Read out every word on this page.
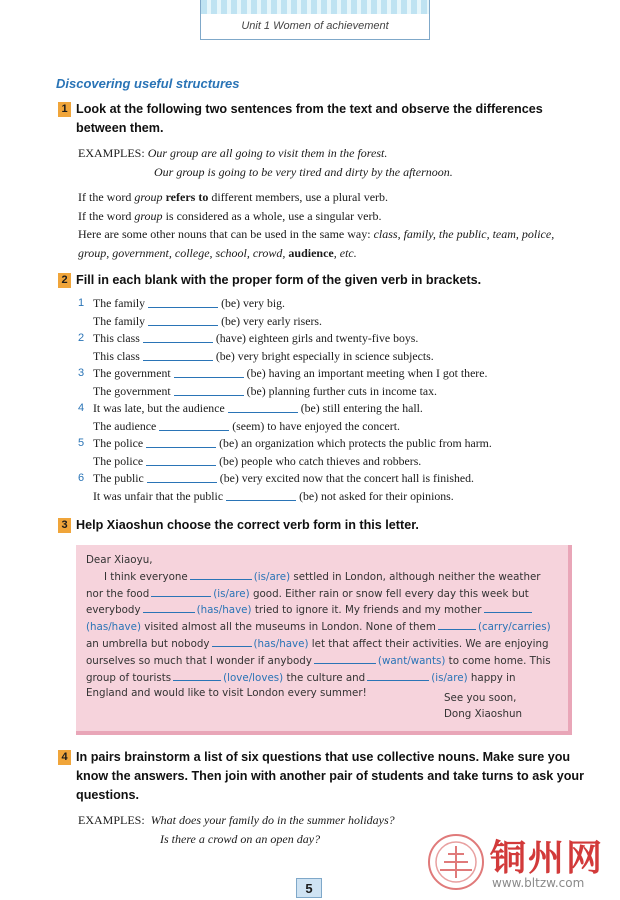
Unit 1 Women of achievement
Discovering useful structures
1 Look at the following two sentences from the text and observe the differences between them.
EXAMPLES: Our group are all going to visit them in the forest.
Our group is going to be very tired and dirty by the afternoon.

If the word group refers to different members, use a plural verb.

If the word group is considered as a whole, use a singular verb.

Here are some other nouns that can be used in the same way: class, family, the public, team, police, group, government, college, school, crowd, audience, etc.

2 Fill in each blank with the proper form of the given verb in brackets.
1 The family	(be) very big.
The family	(be) very early risers.
2 This class	(have) eighteen girls and twenty-five boys.
This class	(be) very bright especially in science subjects.
3 The government	(be) having an important meeting when I got there.
The government	(be) planning further cuts in income tax.
4 It was late, but the audience	(be) still entering the hall.
The audience	(seem) to have enjoyed the concert.
5 The police	(be) an organization which protects the public from harm.
The police	(be) people who catch thieves and robbers.
6 The public	(be) very excited now that the concert hall is finished.
It was unfair that the public	(be) not asked for their opinions.
3 Help Xiaoshun choose the correct verb form in this letter.
Dear Xiaoyu,
I think everyone	(is/are) settled in London, although neither the weather
nor the food	(is/are) good. Either rain or snow fell every day this week but
everybody	(has/have) tried to ignore it. My friends and my mother
(has/have) visited almost all the museums in London. None of them	(carry/carries)
an umbrella but nobody	(has/have) let that affect their activities. We are enjoying
ourselves so much that I wonder if anybody	(want/wants) to come home. This
group of tourists	(love/loves) the culture and	(is/are) happy in
England and would like to visit London every summer!	See you soon,
Dong Xiaoshun
4 In pairs brainstorm a list of six questions that use collective nouns. Make sure you know the answers. Then join with another pair of students and take turns to ask your questions.
EXAMPLES: What does your family do in the summer holidays?
Is there a crowd on an open day?
5
铜州网
www.bltzw.com
